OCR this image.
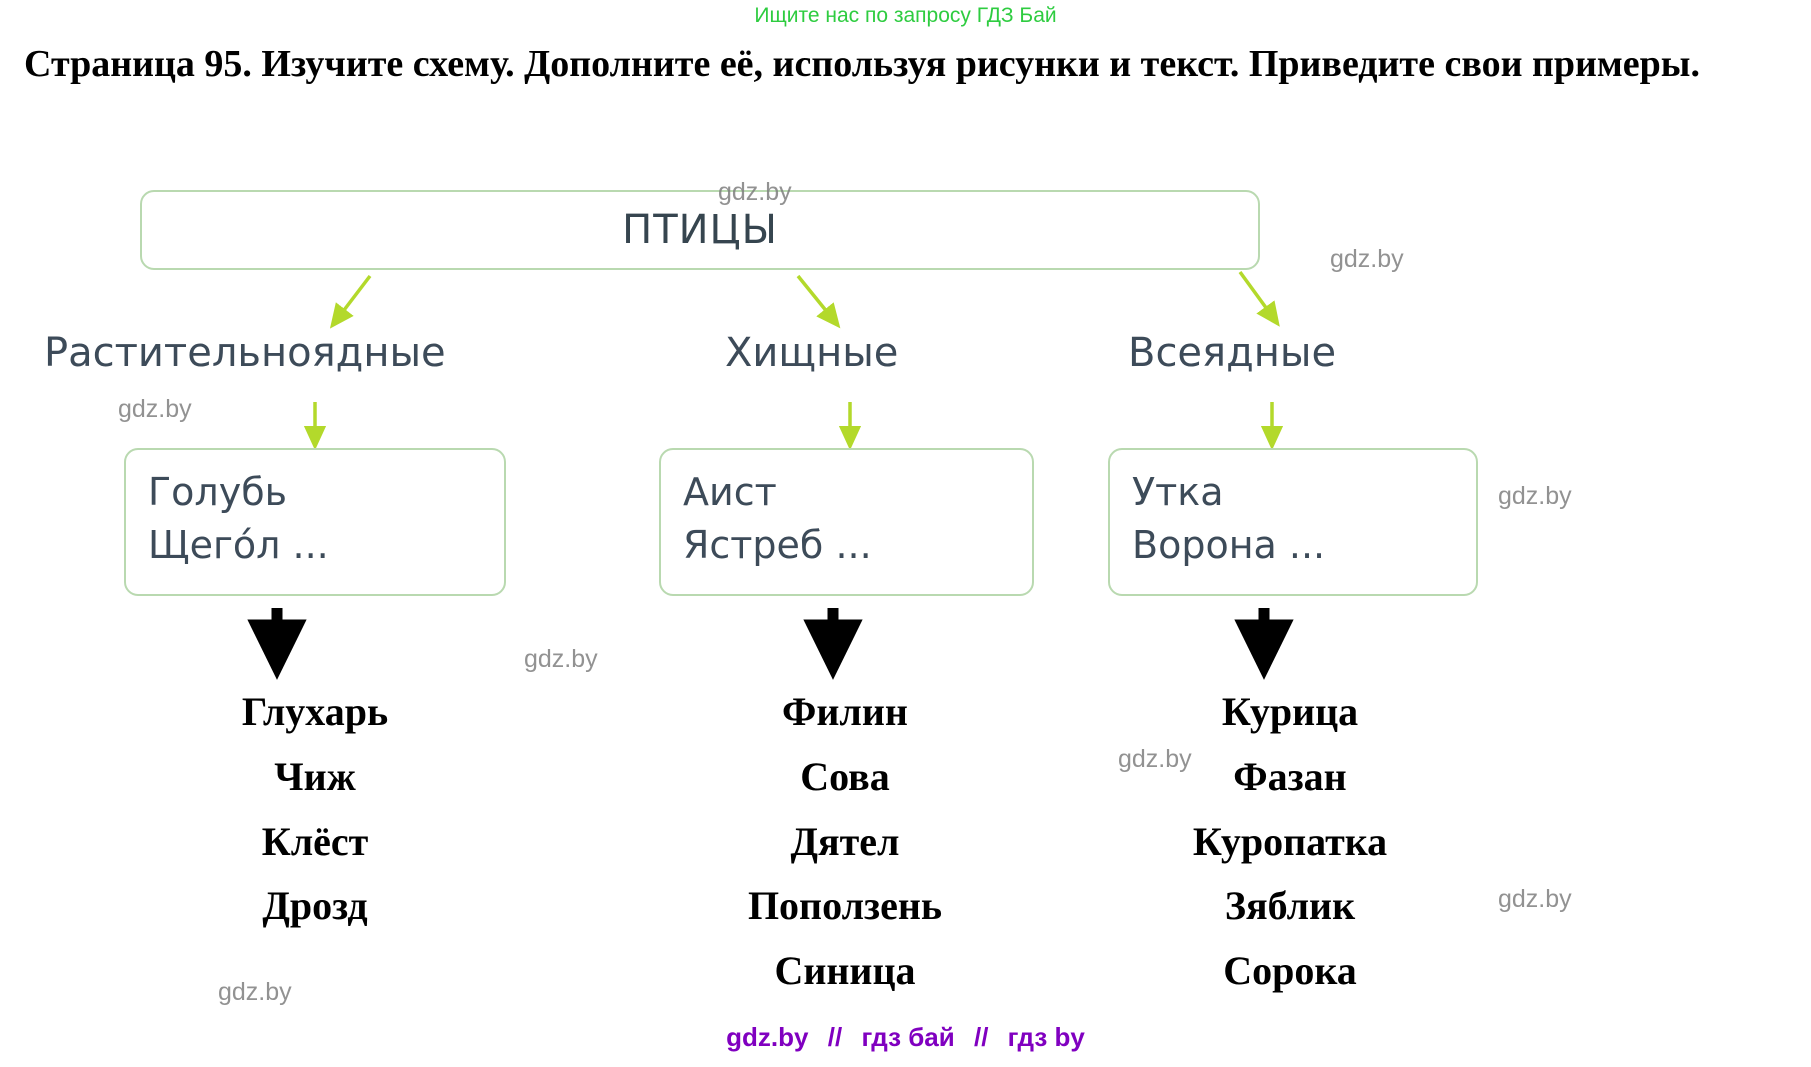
Ищите нас по запросу ГДЗ Бай
Страница 95. Изучите схему. Дополните её, используя рисунки и текст. Приведите свои примеры.
ПТИЦЫ
Растительноядные	Хищные	Всеядные
Голубь
Щего́л ...
Аист
Ястреб ...
Утка
Ворона ...
Глухарь
Чиж
Клёст
Дрозд
Филин
Сова
Дятел
Поползень
Синица
Курица
Фазан
Куропатка
Зяблик
Сорока
gdz.by
gdz.by
gdz.by
gdz.by
gdz.by
gdz.by
gdz.by
gdz.by
gdz.by // гдз бай // гдз by
